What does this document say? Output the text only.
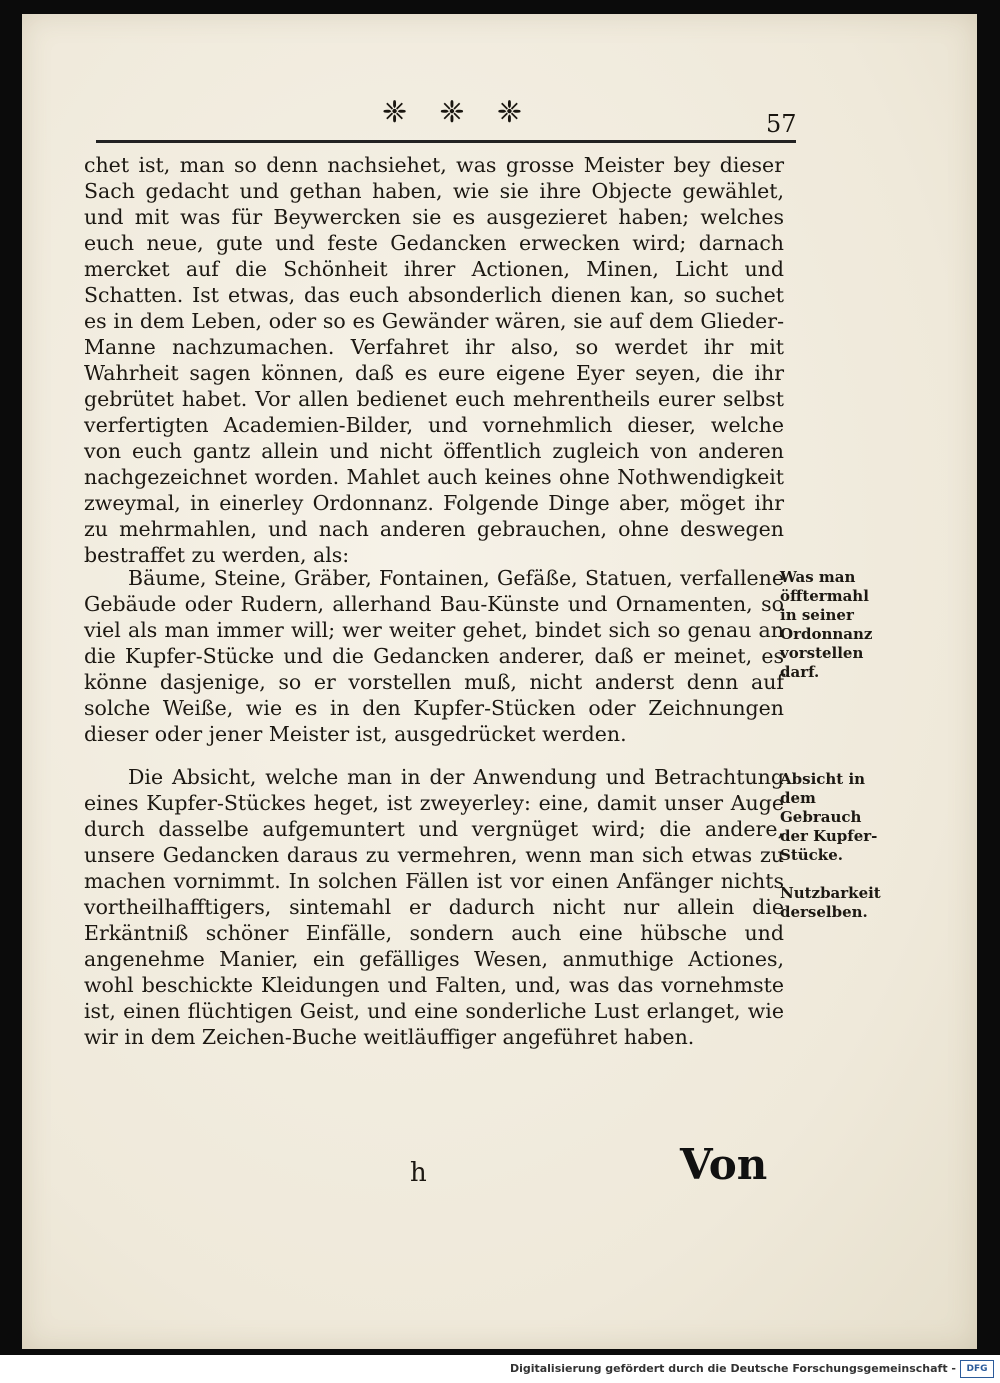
❈ ❈ ❈	57

chet ist, man so denn nachsiehet, was grosse Meister bey dieser Sach gedacht und gethan haben, wie sie ihre Objecte gewählet, und mit was für Beywercken sie es ausgezieret haben; welches euch neue, gute und feste Gedancken erwecken wird; darnach mercket auf die Schönheit ihrer Actionen, Minen, Licht und Schatten. Ist etwas, das euch absonderlich dienen kan, so suchet es in dem Leben, oder so es Gewänder wären, sie auf dem Glieder-Manne nachzumachen. Verfahret ihr also, so werdet ihr mit Wahrheit sagen können, daß es eure eigene Eyer seyen, die ihr gebrütet habet. Vor allen bedienet euch mehrentheils eurer selbst verfertigten Academien-Bilder, und vornehmlich dieser, welche von euch gantz allein und nicht öffentlich zugleich von anderen nachgezeichnet worden. Mahlet auch keines ohne Nothwendigkeit zweymal, in einerley Ordonnanz. Folgende Dinge aber, möget ihr zu mehrmahlen, und nach anderen gebrauchen, ohne deswegen bestraffet zu werden, als:

Bäume, Steine, Gräber, Fontainen, Gefäße, Statuen, verfallene Gebäude oder Rudern, allerhand Bau-Künste und Ornamenten, so viel als man immer will; wer weiter gehet, bindet sich so genau an die Kupfer-Stücke und die Gedancken anderer, daß er meinet, es könne dasjenige, so er vorstellen muß, nicht anderst denn auf solche Weiße, wie es in den Kupfer-Stücken oder Zeichnungen dieser oder jener Meister ist, ausgedrücket werden.

Die Absicht, welche man in der Anwendung und Betrachtung eines Kupfer-Stückes heget, ist zweyerley: eine, damit unser Auge durch dasselbe aufgemuntert und vergnüget wird; die andere, unsere Gedancken daraus zu vermehren, wenn man sich etwas zu machen vornimmt. In solchen Fällen ist vor einen Anfänger nichts vortheilhafftigers, sintemahl er dadurch nicht nur allein die Erkäntniß schöner Einfälle, sondern auch eine hübsche und angenehme Manier, ein gefälliges Wesen, anmuthige Actiones, wohl beschickte Kleidungen und Falten, und, was das vornehmste ist, einen flüchtigen Geist, und eine sonderliche Lust erlanget, wie wir in dem Zeichen-Buche weitläuffiger angeführet haben.

Was man öfftermahl in seiner Ordonnanz vorstellen darf.
Absicht in dem Gebrauch der Kupfer-Stücke.
Nutzbarkeit derselben.
h	Von
Digitalisierung gefördert durch die Deutsche Forschungsgemeinschaft -	DFG
